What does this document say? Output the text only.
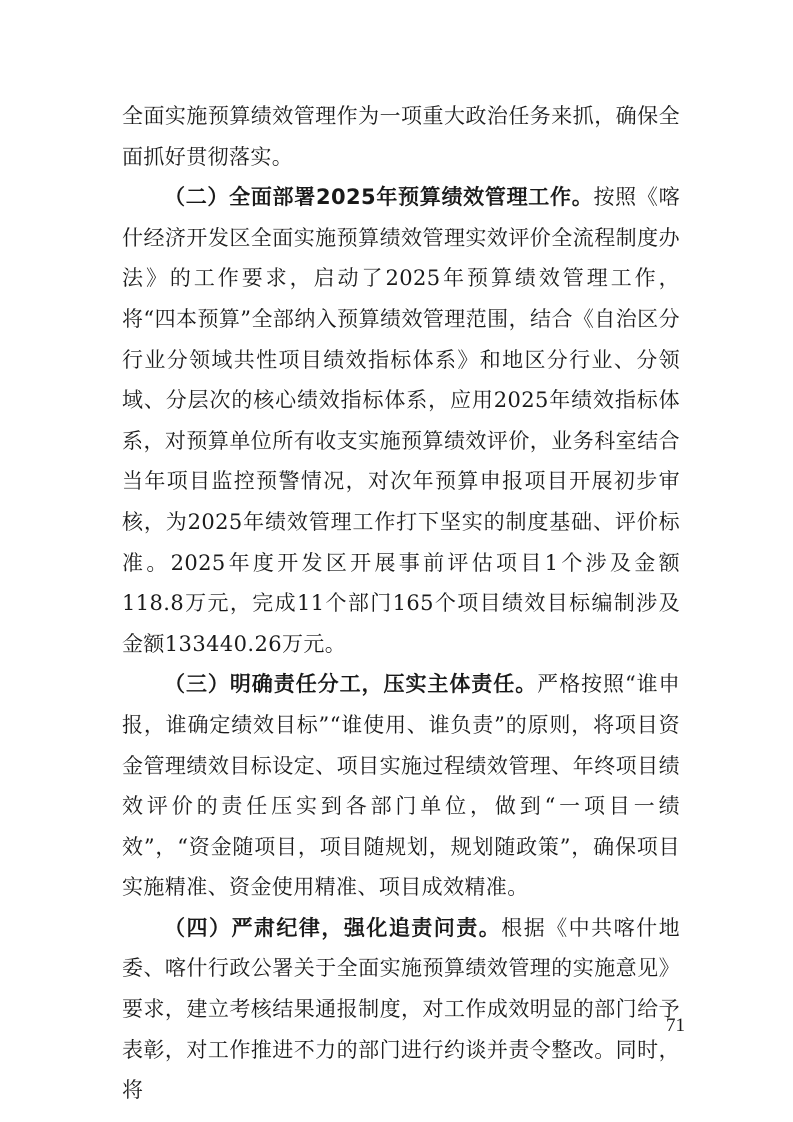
全面实施预算绩效管理作为一项重大政治任务来抓，确保全面抓好贯彻落实。

（二）全面部署2025年预算绩效管理工作。按照《喀什经济开发区全面实施预算绩效管理实效评价全流程制度办法》的工作要求，启动了2025年预算绩效管理工作，将“四本预算”全部纳入预算绩效管理范围，结合《自治区分行业分领域共性项目绩效指标体系》和地区分行业、分领域、分层次的核心绩效指标体系，应用2025年绩效指标体系，对预算单位所有收支实施预算绩效评价，业务科室结合当年项目监控预警情况，对次年预算申报项目开展初步审核，为2025年绩效管理工作打下坚实的制度基础、评价标准。2025年度开发区开展事前评估项目1个涉及金额118.8万元，完成11个部门165个项目绩效目标编制涉及金额133440.26万元。

（三）明确责任分工，压实主体责任。严格按照“谁申报，谁确定绩效目标”“谁使用、谁负责”的原则，将项目资金管理绩效目标设定、项目实施过程绩效管理、年终项目绩效评价的责任压实到各部门单位，做到“一项目一绩效”，“资金随项目，项目随规划，规划随政策”，确保项目实施精准、资金使用精准、项目成效精准。

（四）严肃纪律，强化追责问责。根据《中共喀什地委、喀什行政公署关于全面实施预算绩效管理的实施意见》要求，建立考核结果通报制度，对工作成效明显的部门给予表彰，对工作推进不力的部门进行约谈并责令整改。同时，将

71
